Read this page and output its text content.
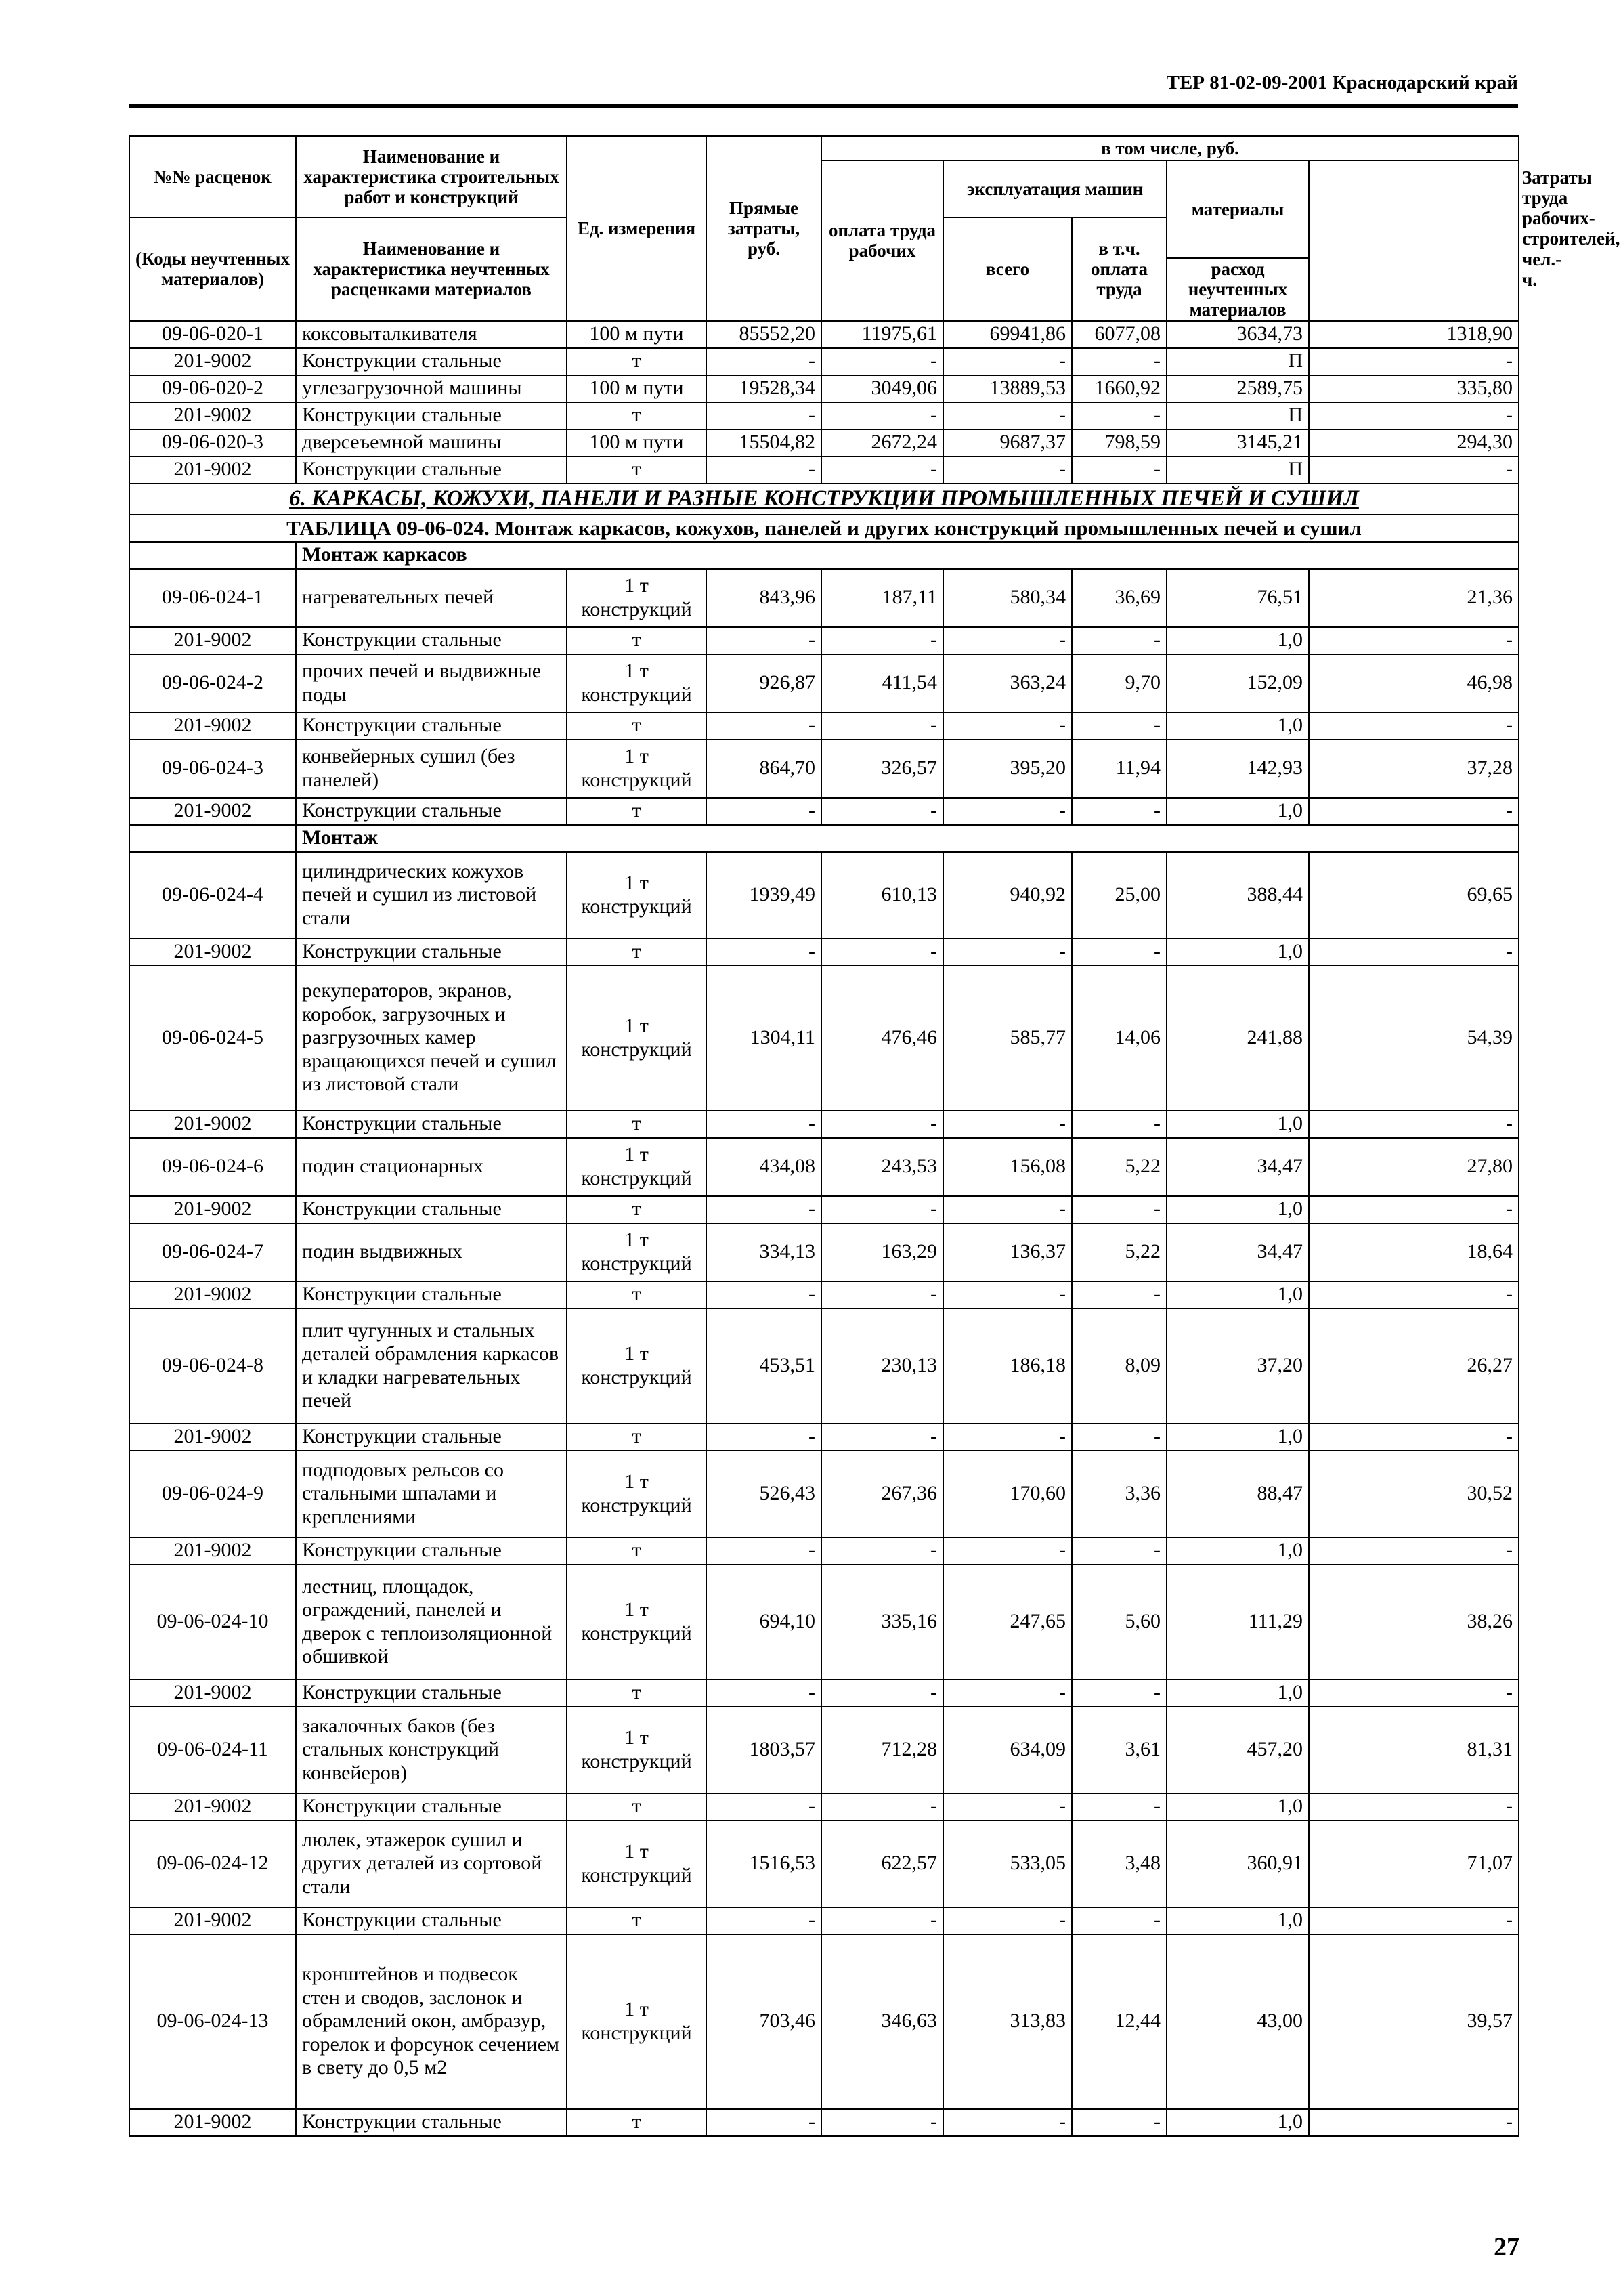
ТЕР 81-02-09-2001 Краснодарский край
№№ расценок	Наименование и характеристика строительных работ и конструкций	Ед. измерения	Прямые затраты, руб.	в том числе, руб.					Затраты труда рабочих-строителей, чел.-ч.
				оплата труда рабочих	эксплуатация машин		материалы		
(Коды неучтенных материалов)	Наименование и характеристика неучтенных расценками материалов				всего	в т.ч. оплата труда			
							расход неучтенных материалов		
09-06-020-1	коксовыталкивателя	100 м пути	85552,20	11975,61	69941,86	6077,08	3634,73	1318,90	
201-9002	Конструкции стальные	т	-	-	-	-	П	-	
09-06-020-2	углезагрузочной машины	100 м пути	19528,34	3049,06	13889,53	1660,92	2589,75	335,80	
201-9002	Конструкции стальные	т	-	-	-	-	П	-	
09-06-020-3	дверсеъемной машины	100 м пути	15504,82	2672,24	9687,37	798,59	3145,21	294,30	
201-9002	Конструкции стальные	т	-	-	-	-	П	-	
6. КАРКАСЫ, КОЖУХИ, ПАНЕЛИ И РАЗНЫЕ КОНСТРУКЦИИ ПРОМЫШЛЕННЫХ ПЕЧЕЙ И СУШИЛ									
ТАБЛИЦА 09-06-024. Монтаж каркасов, кожухов, панелей и других конструкций промышленных печей и сушил									
	Монтаж каркасов								
09-06-024-1	нагревательных печей	1 т конструкций	843,96	187,11	580,34	36,69	76,51	21,36	
201-9002	Конструкции стальные	т	-	-	-	-	1,0	-	
09-06-024-2	прочих печей и выдвижные поды	1 т конструкций	926,87	411,54	363,24	9,70	152,09	46,98	
201-9002	Конструкции стальные	т	-	-	-	-	1,0	-	
09-06-024-3	конвейерных сушил (без панелей)	1 т конструкций	864,70	326,57	395,20	11,94	142,93	37,28	
201-9002	Конструкции стальные	т	-	-	-	-	1,0	-	
	Монтаж								
09-06-024-4	цилиндрических кожухов печей и сушил из листовой стали	1 т конструкций	1939,49	610,13	940,92	25,00	388,44	69,65	
201-9002	Конструкции стальные	т	-	-	-	-	1,0	-	
09-06-024-5	рекуператоров, экранов, коробок, загрузочных и разгрузочных камер вращающихся печей и сушил из листовой стали	1 т конструкций	1304,11	476,46	585,77	14,06	241,88	54,39	
201-9002	Конструкции стальные	т	-	-	-	-	1,0	-	
09-06-024-6	подин стационарных	1 т конструкций	434,08	243,53	156,08	5,22	34,47	27,80	
201-9002	Конструкции стальные	т	-	-	-	-	1,0	-	
09-06-024-7	подин выдвижных	1 т конструкций	334,13	163,29	136,37	5,22	34,47	18,64	
201-9002	Конструкции стальные	т	-	-	-	-	1,0	-	
09-06-024-8	плит чугунных и стальных деталей обрамления каркасов и кладки нагревательных печей	1 т конструкций	453,51	230,13	186,18	8,09	37,20	26,27	
201-9002	Конструкции стальные	т	-	-	-	-	1,0	-	
09-06-024-9	подподовых рельсов со стальными шпалами и креплениями	1 т конструкций	526,43	267,36	170,60	3,36	88,47	30,52	
201-9002	Конструкции стальные	т	-	-	-	-	1,0	-	
09-06-024-10	лестниц, площадок, ограждений, панелей и дверок с теплоизоляционной обшивкой	1 т конструкций	694,10	335,16	247,65	5,60	111,29	38,26	
201-9002	Конструкции стальные	т	-	-	-	-	1,0	-	
09-06-024-11	закалочных баков (без стальных конструкций конвейеров)	1 т конструкций	1803,57	712,28	634,09	3,61	457,20	81,31	
201-9002	Конструкции стальные	т	-	-	-	-	1,0	-	
09-06-024-12	люлек, этажерок сушил и других деталей из сортовой стали	1 т конструкций	1516,53	622,57	533,05	3,48	360,91	71,07	
201-9002	Конструкции стальные	т	-	-	-	-	1,0	-	
09-06-024-13	кронштейнов и подвесок стен и сводов, заслонок и обрамлений окон, амбразур, горелок и форсунок сечением в свету до 0,5 м2	1 т конструкций	703,46	346,63	313,83	12,44	43,00	39,57	
201-9002	Конструкции стальные	т	-	-	-	-	1,0	-	
27
